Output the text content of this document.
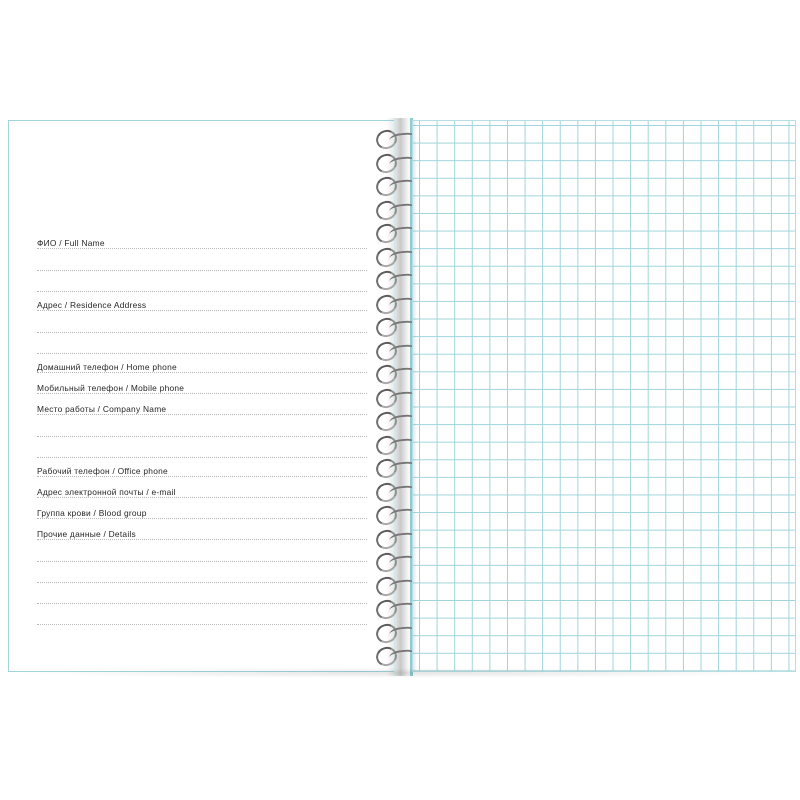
ФИО / Full Name
Адрес / Residence Address
Домашний телефон / Home phone
Мобильный телефон / Mobile phone
Место работы / Company Name
Рабочий телефон / Office phone
Адрес электронной почты / e-mail
Группа крови / Blood group
Прочие данные / Details
